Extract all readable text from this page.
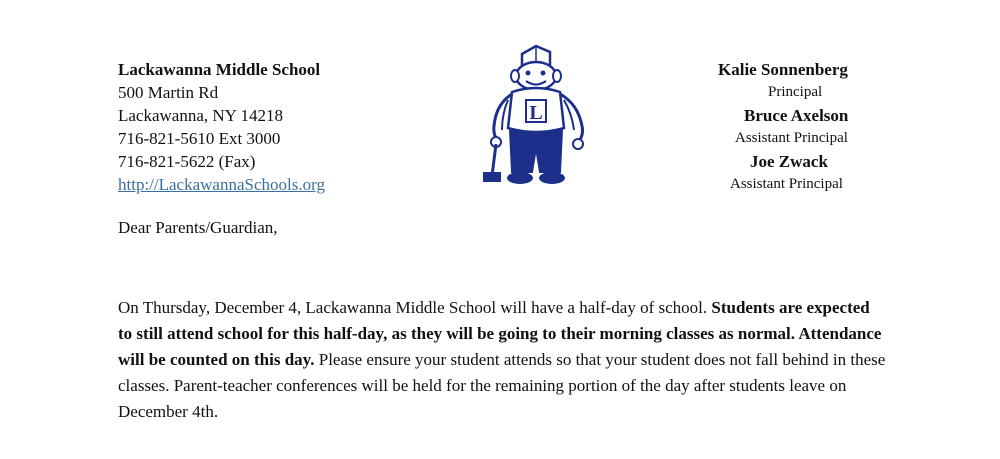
Lackawanna Middle School
500 Martin Rd
Lackawanna, NY 14218
716-821-5610 Ext 3000
716-821-5622 (Fax)
http://LackawannaSchools.org
L
Kalie Sonnenberg
Principal
Bruce Axelson
Assistant Principal
Joe Zwack
Assistant Principal
Dear Parents/Guardian,
On Thursday, December 4, Lackawanna Middle School will have a half-day of school. Students are expected to still attend school for this half-day, as they will be going to their morning classes as normal. Attendance will be counted on this day. Please ensure your student attends so that your student does not fall behind in these classes. Parent-teacher conferences will be held for the remaining portion of the day after students leave on December 4th.
